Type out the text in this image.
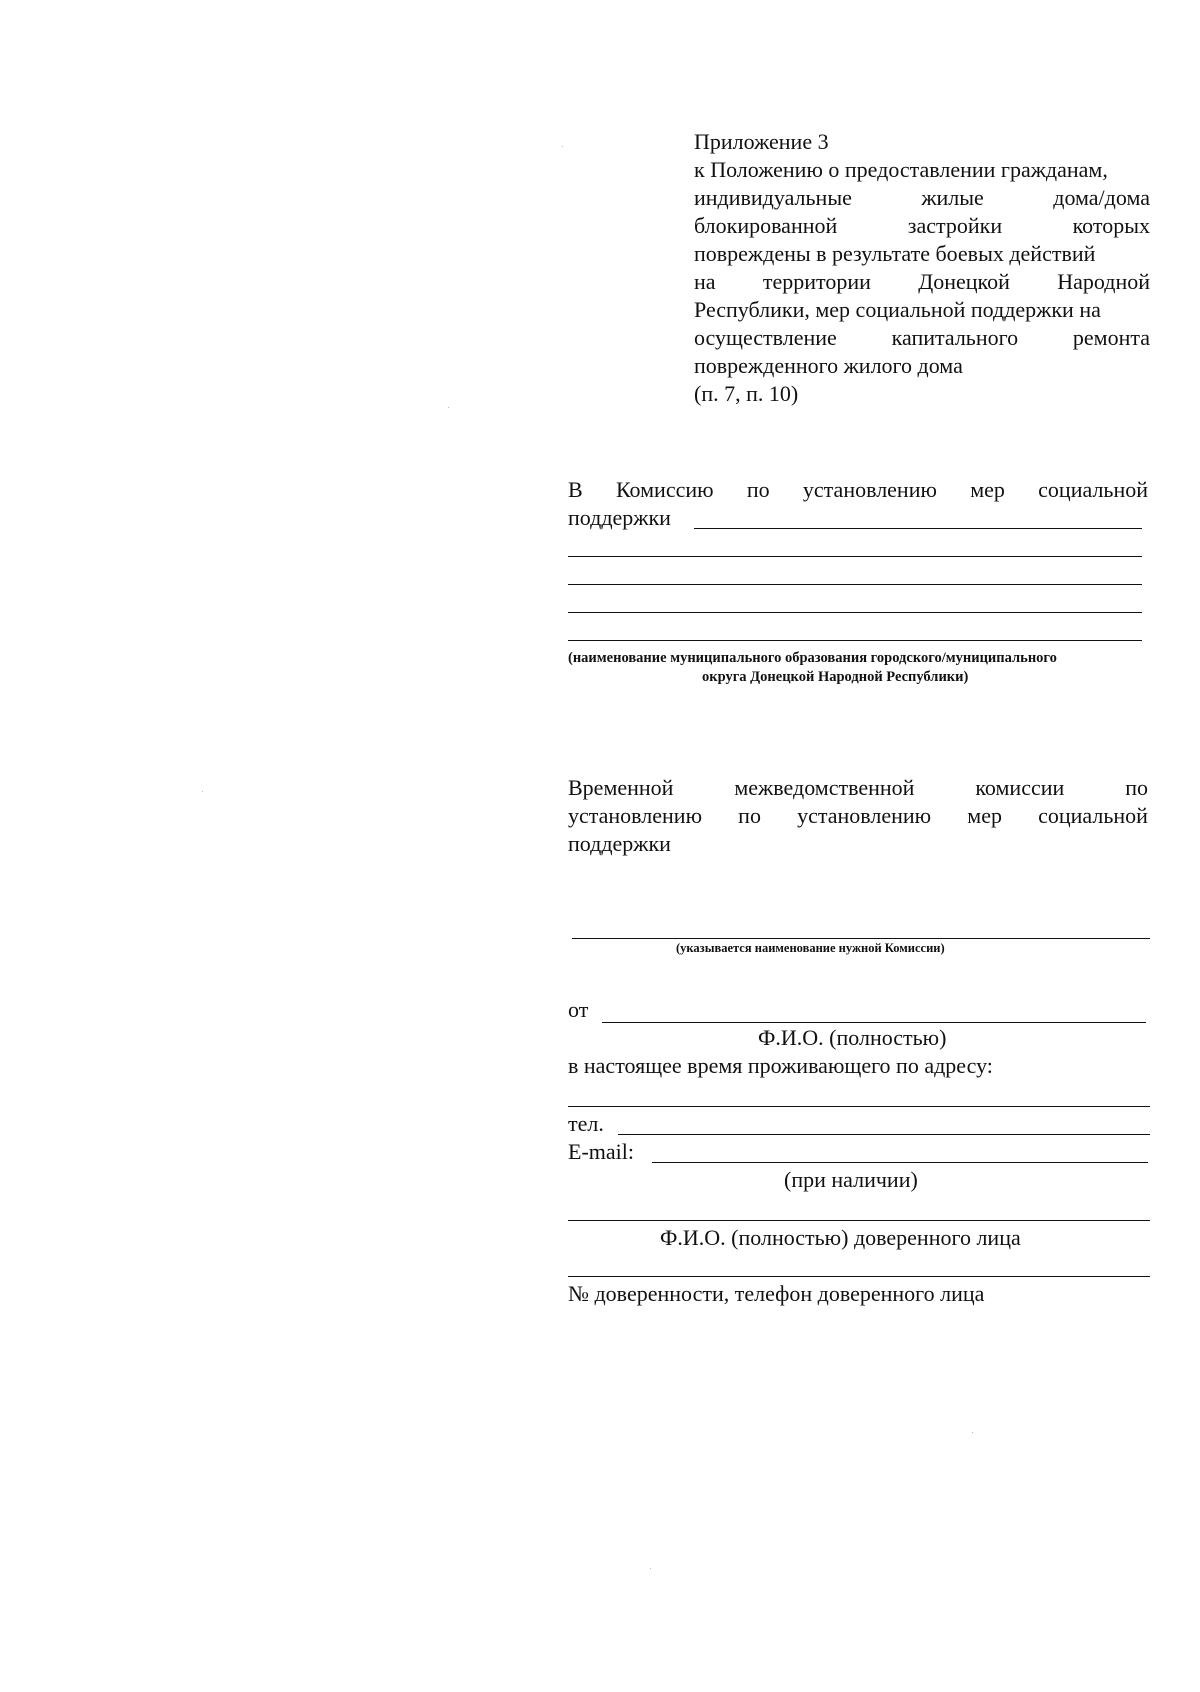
Приложение 3
к Положению о предоставлении гражданам,
индивидуальные	жилые	дома/дома
блокированной	застройки	которых
повреждены в результате боевых действий
на территории Донецкой Народной
Республики, мер социальной поддержки на
осуществление капитального ремонта
поврежденного жилого дома
(п. 7, п. 10)
В Комиссию по установлению мер социальной
поддержки
(наименование муниципального образования городского/муниципального
округа Донецкой Народной Республики)
Временной	межведомственной	комиссии	по
установлению по установлению мер социальной
поддержки
(указывается наименование нужной Комиссии)
от
Ф.И.О. (полностью)
в настоящее время проживающего по адресу:
тел.
E-mail:
(при наличии)
Ф.И.О. (полностью) доверенного лица
№ доверенности, телефон доверенного лица
